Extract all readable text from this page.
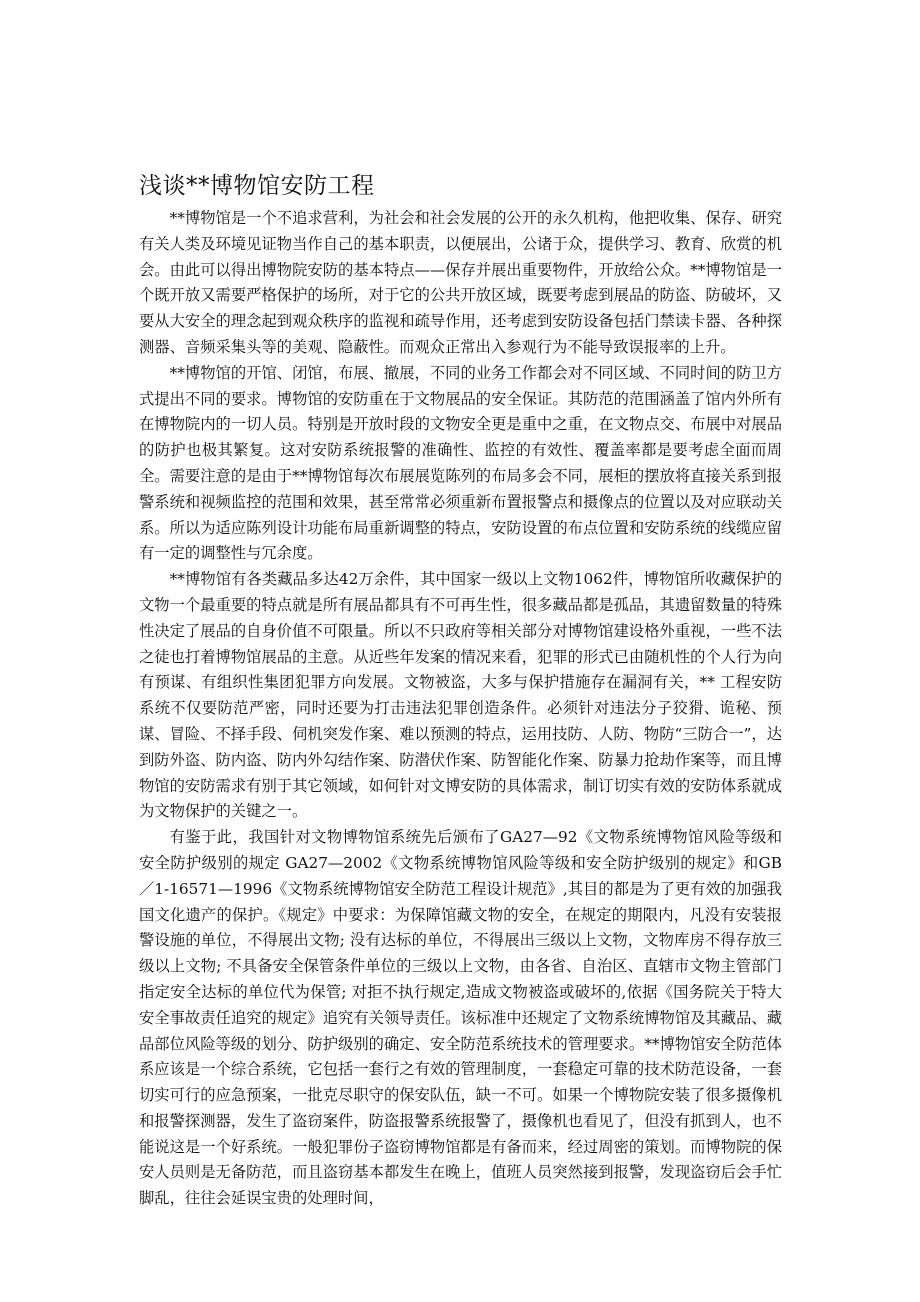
浅谈**博物馆安防工程

**博物馆是一个不追求营利，为社会和社会发展的公开的永久机构，他把收集、保存、研究有关人类及环境见证物当作自己的基本职责，以便展出，公诸于众，提供学习、教育、欣赏的机会。由此可以得出博物院安防的基本特点——保存并展出重要物件，开放给公众。**博物馆是一个既开放又需要严格保护的场所，对于它的公共开放区域，既要考虑到展品的防盗、防破坏，又要从大安全的理念起到观众秩序的监视和疏导作用，还考虑到安防设备包括门禁读卡器、各种探测器、音频采集头等的美观、隐蔽性。而观众正常出入参观行为不能导致误报率的上升。

**博物馆的开馆、闭馆，布展、撤展，不同的业务工作都会对不同区域、不同时间的防卫方式提出不同的要求。博物馆的安防重在于文物展品的安全保证。其防范的范围涵盖了馆内外所有在博物院内的一切人员。特别是开放时段的文物安全更是重中之重，在文物点交、布展中对展品的防护也极其繁复。这对安防系统报警的准确性、监控的有效性、覆盖率都是要考虑全面而周全。需要注意的是由于**博物馆每次布展展览陈列的布局多会不同，展柜的摆放将直接关系到报警系统和视频监控的范围和效果，甚至常常必须重新布置报警点和摄像点的位置以及对应联动关系。所以为适应陈列设计功能布局重新调整的特点，安防设置的布点位置和安防系统的线缆应留有一定的调整性与冗余度。

**博物馆有各类藏品多达42万余件，其中国家一级以上文物1062件，博物馆所收藏保护的文物一个最重要的特点就是所有展品都具有不可再生性，很多藏品都是孤品，其遗留数量的特殊性决定了展品的自身价值不可限量。所以不只政府等相关部分对博物馆建设格外重视，一些不法之徒也打着博物馆展品的主意。从近些年发案的情况来看，犯罪的形式已由随机性的个人行为向有预谋、有组织性集团犯罪方向发展。文物被盗，大多与保护措施存在漏洞有关，** 工程安防系统不仅要防范严密，同时还要为打击违法犯罪创造条件。必须针对违法分子狡猾、诡秘、预谋、冒险、不择手段、伺机突发作案、难以预测的特点，运用技防、人防、物防“三防合一”，达到防外盗、防内盗、防内外勾结作案、防潜伏作案、防智能化作案、防暴力抢劫作案等，而且博物馆的安防需求有别于其它领域，如何针对文博安防的具体需求，制订切实有效的安防体系就成为文物保护的关键之一。

有鉴于此，我国针对文物博物馆系统先后颁布了GA27—92《文物系统博物馆风险等级和安全防护级别的规定 GA27—2002《文物系统博物馆风险等级和安全防护级别的规定》和GB／1-16571—1996《文物系统博物馆安全防范工程设计规范》,其目的都是为了更有效的加强我国文化遗产的保护。《规定》中要求：为保障馆藏文物的安全，在规定的期限内，凡没有安装报警设施的单位，不得展出文物; 没有达标的单位，不得展出三级以上文物，文物库房不得存放三级以上文物; 不具备安全保管条件单位的三级以上文物，由各省、自治区、直辖市文物主管部门指定安全达标的单位代为保管; 对拒不执行规定,造成文物被盗或破坏的,依据《国务院关于特大安全事故责任追究的规定》追究有关领导责任。该标准中还规定了文物系统博物馆及其藏品、藏品部位风险等级的划分、防护级别的确定、安全防范系统技术的管理要求。**博物馆安全防范体系应该是一个综合系统，它包括一套行之有效的管理制度，一套稳定可靠的技术防范设备，一套切实可行的应急预案，一批克尽职守的保安队伍，缺一不可。如果一个博物院安装了很多摄像机和报警探测器，发生了盗窃案件，防盗报警系统报警了，摄像机也看见了，但没有抓到人，也不能说这是一个好系统。一般犯罪份子盗窃博物馆都是有备而来，经过周密的策划。而博物院的保安人员则是无备防范，而且盗窃基本都发生在晚上，值班人员突然接到报警，发现盗窃后会手忙脚乱，往往会延误宝贵的处理时间，
